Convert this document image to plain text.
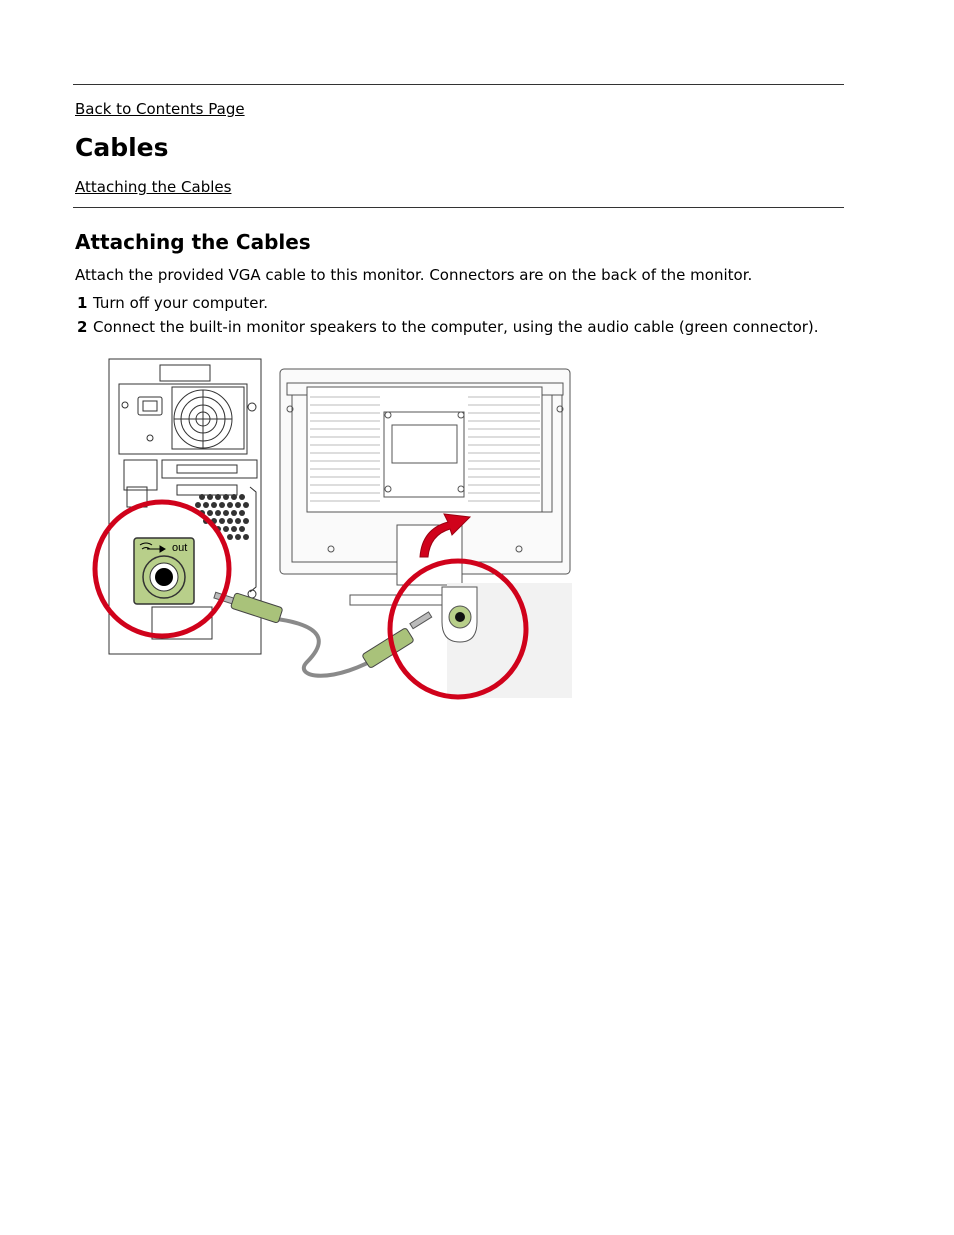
Back to Contents Page
Cables
Attaching the Cables
Attaching the Cables
Attach the provided VGA cable to this monitor. Connectors are on the back of the monitor.
1 Turn off your computer.
2 Connect the built-in monitor speakers to the computer, using the audio cable (green connector).
out
